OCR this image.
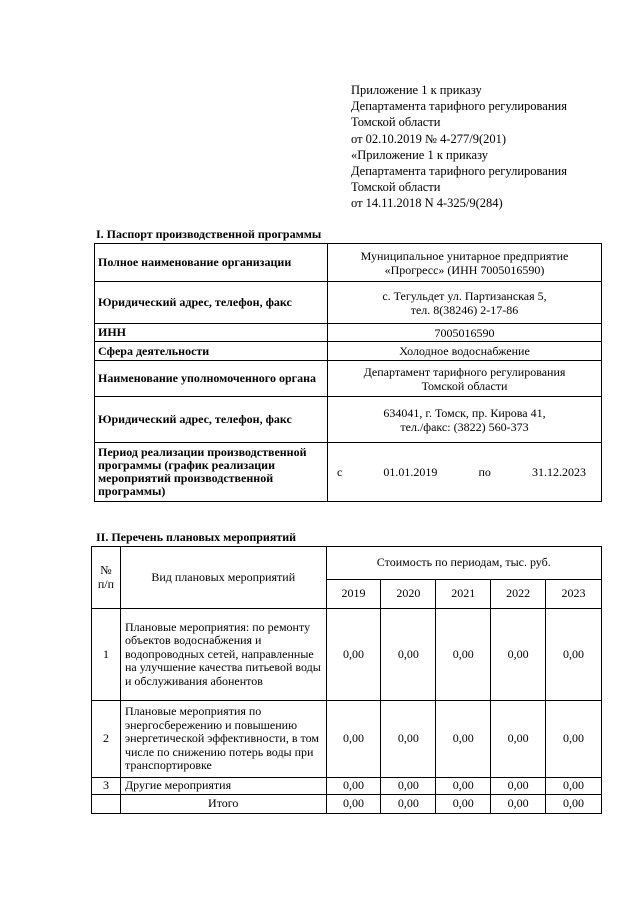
Приложение 1 к приказу
Департамента тарифного регулирования
Томской области
от 02.10.2019 № 4-277/9(201)
«Приложение 1 к приказу
Департамента тарифного регулирования
Томской области
от 14.11.2018 N 4-325/9(284)
I. Паспорт производственной программы
Полное наименование организации	Муниципальное унитарное предприятие
«Прогресс» (ИНН 7005016590)

Юридический адрес, телефон, факс	с. Тегульдет ул. Партизанская 5,
тел. 8(38246) 2-17-86

ИНН	7005016590

Сфера деятельности	Холодное водоснабжение

Наименование уполномоченного органа	Департамент тарифного регулирования
Томской области

Юридический адрес, телефон, факс	634041, г. Томск, пр. Кирова 41,
тел./факс: (3822) 560-373

Период реализации производственной программы (график реализации мероприятий производственной программы)	с 01.01.2019 по 31.12.2023
II. Перечень плановых мероприятий
№ п/п	Вид плановых мероприятий	Стоимость по периодам, тыс. руб.				
		2019	2020	2021	2022	2023
1	Плановые мероприятия: по ремонту объектов водоснабжения и водопроводных сетей, направленные на улучшение качества питьевой воды и обслуживания абонентов	0,00	0,00	0,00	0,00	0,00
2	Плановые мероприятия по энергосбережению и повышению энергетической эффективности, в том числе по снижению потерь воды при транспортировке	0,00	0,00	0,00	0,00	0,00
3	Другие мероприятия	0,00	0,00	0,00	0,00	0,00
	Итого	0,00	0,00	0,00	0,00	0,00
